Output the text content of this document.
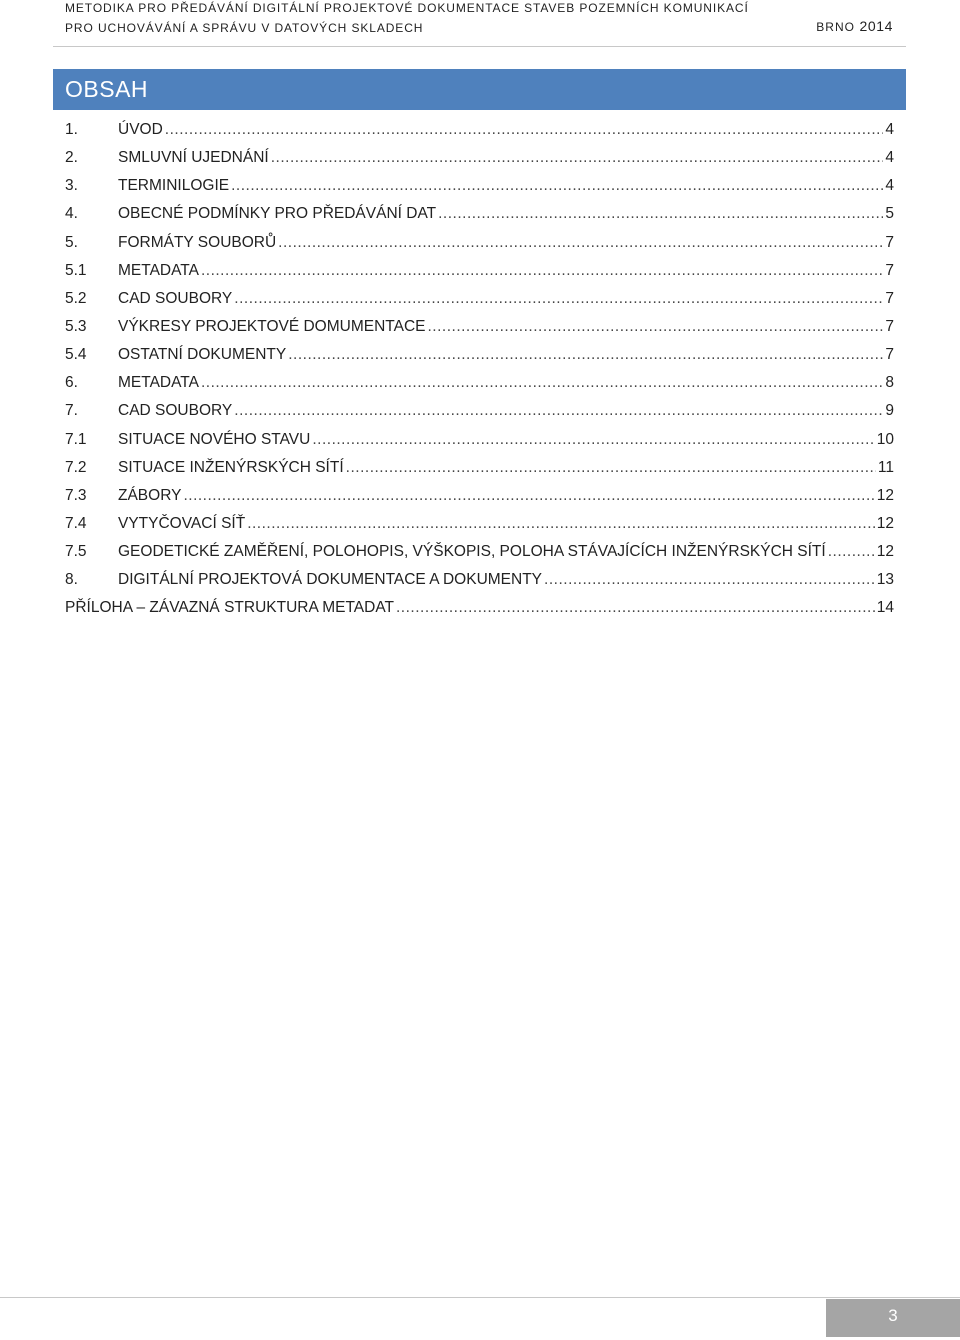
METODIKA PRO PŘEDÁVÁNÍ DIGITÁLNÍ PROJEKTOVÉ DOKUMENTACE STAVEB POZEMNÍCH KOMUNIKACÍ
PRO UCHOVÁVÁNÍ A SPRÁVU V DATOVÝCH SKLADECH	BRNO 2014
OBSAH
1.	ÚVOD .....	4
2.	SMLUVNÍ UJEDNÁNÍ .....	4
3.	TERMINILOGIE .....	4
4.	OBECNÉ PODMÍNKY PRO PŘEDÁVÁNÍ DAT .....	5
5.	FORMÁTY SOUBORŮ .....	7
5.1 METADATA .....	7
5.2 CAD SOUBORY .....	7
5.3 VÝKRESY PROJEKTOVÉ DOMUMENTACE .....	7
5.4 OSTATNÍ DOKUMENTY .....	7
6.	METADATA .....	8
7.	CAD SOUBORY .....	9
7.1 SITUACE NOVÉHO STAVU .....	10
7.2 SITUACE INŽENÝRSKÝCH SÍTÍ .....	11
7.3 ZÁBORY .....	12
7.4 VYTYČOVACÍ SÍŤ .....	12
7.5 GEODETICKÉ ZAMĚŘENÍ, POLOHOPIS, VÝŠKOPIS, POLOHA STÁVAJÍCÍCH INŽENÝRSKÝCH SÍTÍ .....	12
8.	DIGITÁLNÍ PROJEKTOVÁ DOKUMENTACE A DOKUMENTY .....	13
PŘÍLOHA – ZÁVAZNÁ STRUKTURA METADAT .....	14
3
